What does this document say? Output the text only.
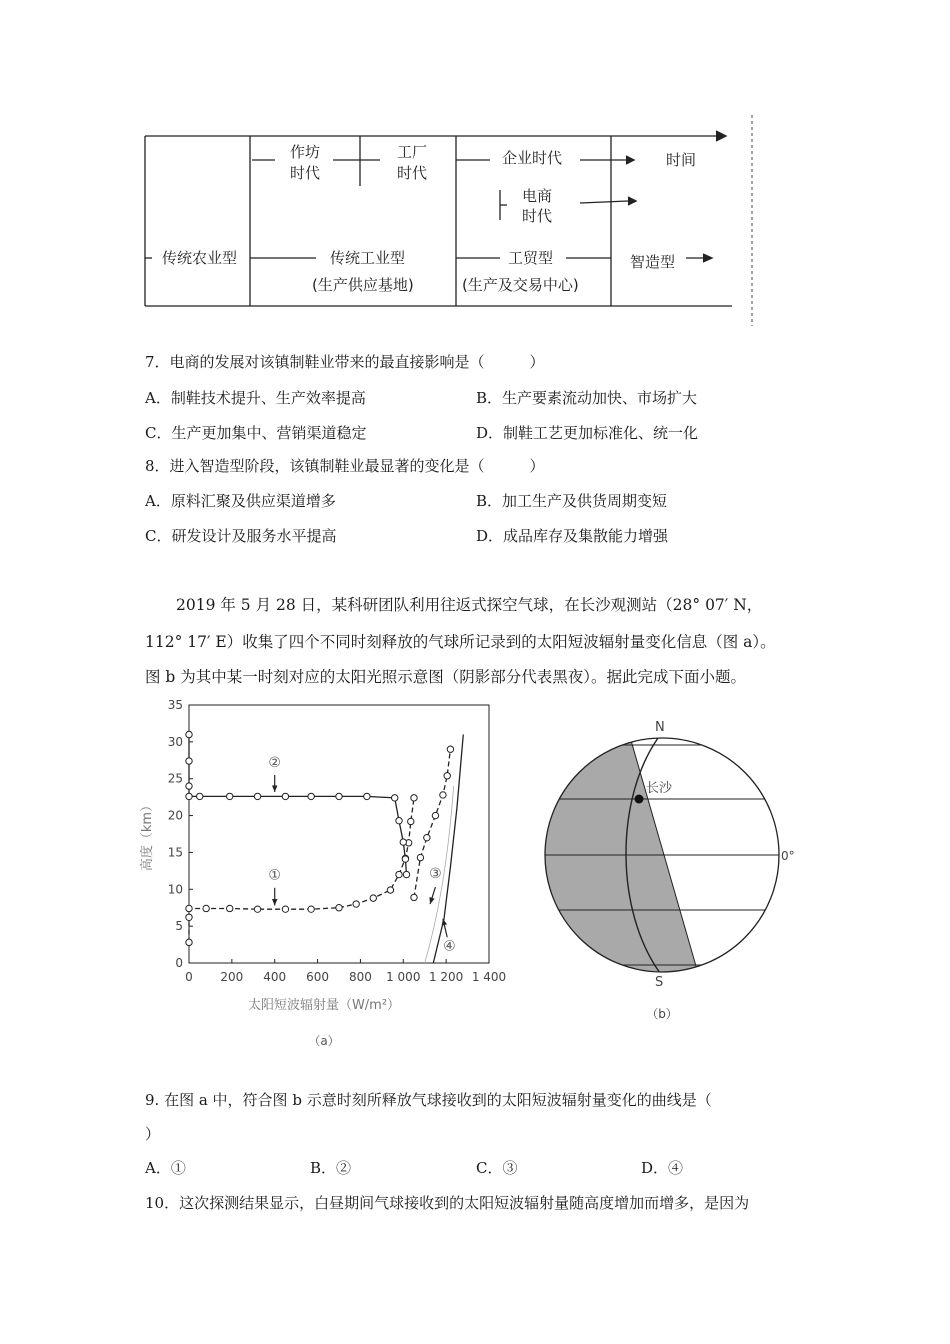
作坊
时代
工厂
时代
企业时代
电商
时代
时间
传统农业型	传统工业型
(生产供应基地)
工贸型
(生产及交易中心)
智造型
7．电商的发展对该镇制鞋业带来的最直接影响是（　　　）
A．制鞋技术提升、生产效率提高	B．生产要素流动加快、市场扩大
C．生产更加集中、营销渠道稳定	D．制鞋工艺更加标准化、统一化
8．进入智造型阶段，该镇制鞋业最显著的变化是（　　　）
A．原料汇聚及供应渠道增多	B．加工生产及供货周期变短
C．研发设计及服务水平提高	D．成品库存及集散能力增强
2019 年 5 月 28 日，某科研团队利用往返式探空气球，在长沙观测站（28° 07′ N，
112° 17′ E）收集了四个不同时刻释放的气球所记录到的太阳短波辐射量变化信息（图 a）。
图 b 为其中某一时刻对应的太阳光照示意图（阴影部分代表黑夜）。据此完成下面小题。
0 200 400 600 800 1 000 1 200 1 400
0
5
10
15
20
25
30
35
①
②
③
④
高度（km）
太阳短波辐射量（W/m²）
（a）
N
S
长沙
0°
（b）
9. 在图 a 中，符合图 b 示意时刻所释放气球接收到的太阳短波辐射量变化的曲线是（
）
A．①	B．②	C．③	D．④
10．这次探测结果显示，白昼期间气球接收到的太阳短波辐射量随高度增加而增多，是因为
